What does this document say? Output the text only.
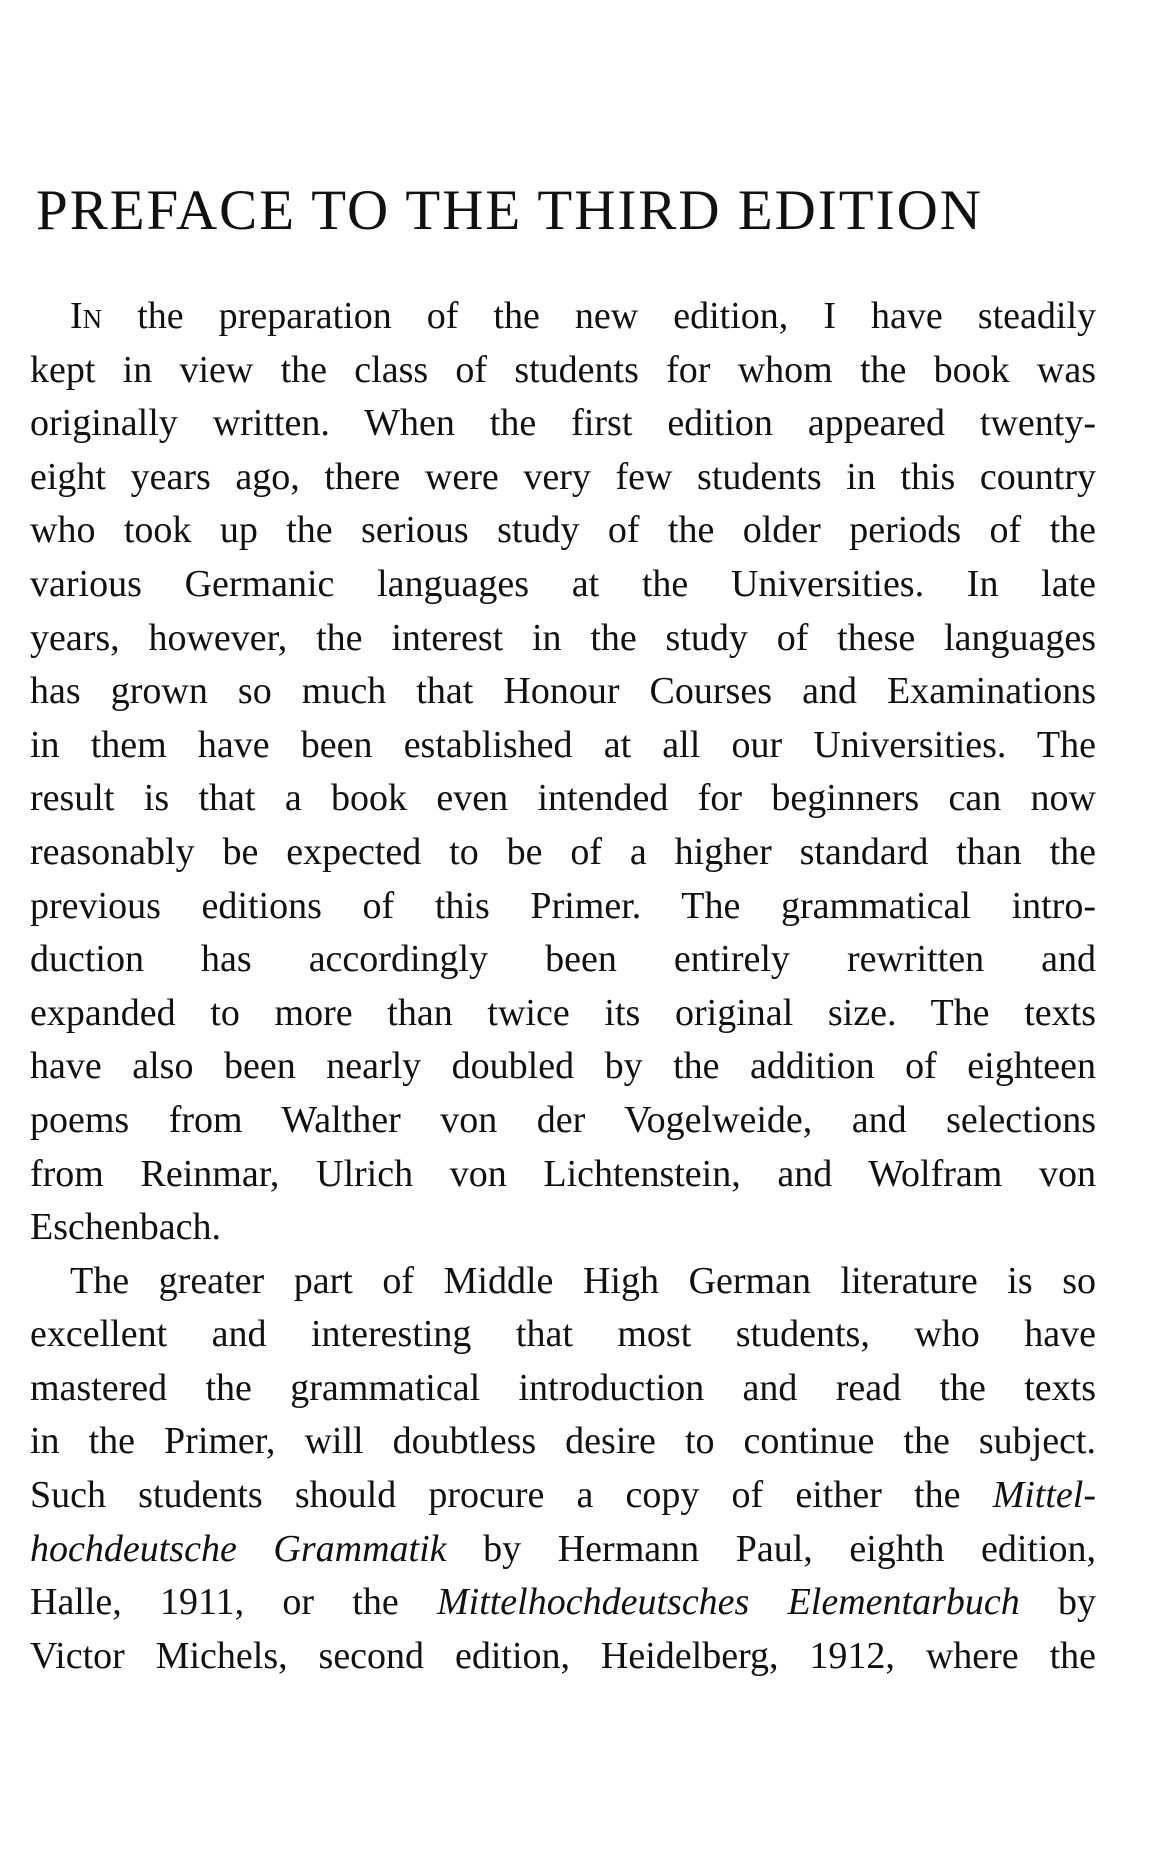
PREFACE TO THE THIRD EDITION
In the preparation of the new edition, I have steadily
kept in view the class of students for whom the book was
originally written. When the first edition appeared twenty-
eight years ago, there were very few students in this country
who took up the serious study of the older periods of the
various Germanic languages at the Universities. In late
years, however, the interest in the study of these languages
has grown so much that Honour Courses and Examinations
in them have been established at all our Universities. The
result is that a book even intended for beginners can now
reasonably be expected to be of a higher standard than the
previous editions of this Primer. The grammatical intro-
duction has accordingly been entirely rewritten and
expanded to more than twice its original size. The texts
have also been nearly doubled by the addition of eighteen
poems from Walther von der Vogelweide, and selections
from Reinmar, Ulrich von Lichtenstein, and Wolfram von
Eschenbach.
The greater part of Middle High German literature is so
excellent and interesting that most students, who have
mastered the grammatical introduction and read the texts
in the Primer, will doubtless desire to continue the subject.
Such students should procure a copy of either the Mittel-
hochdeutsche Grammatik by Hermann Paul, eighth edition,
Halle, 1911, or the Mittelhochdeutsches Elementarbuch by
Victor Michels, second edition, Heidelberg, 1912, where the
